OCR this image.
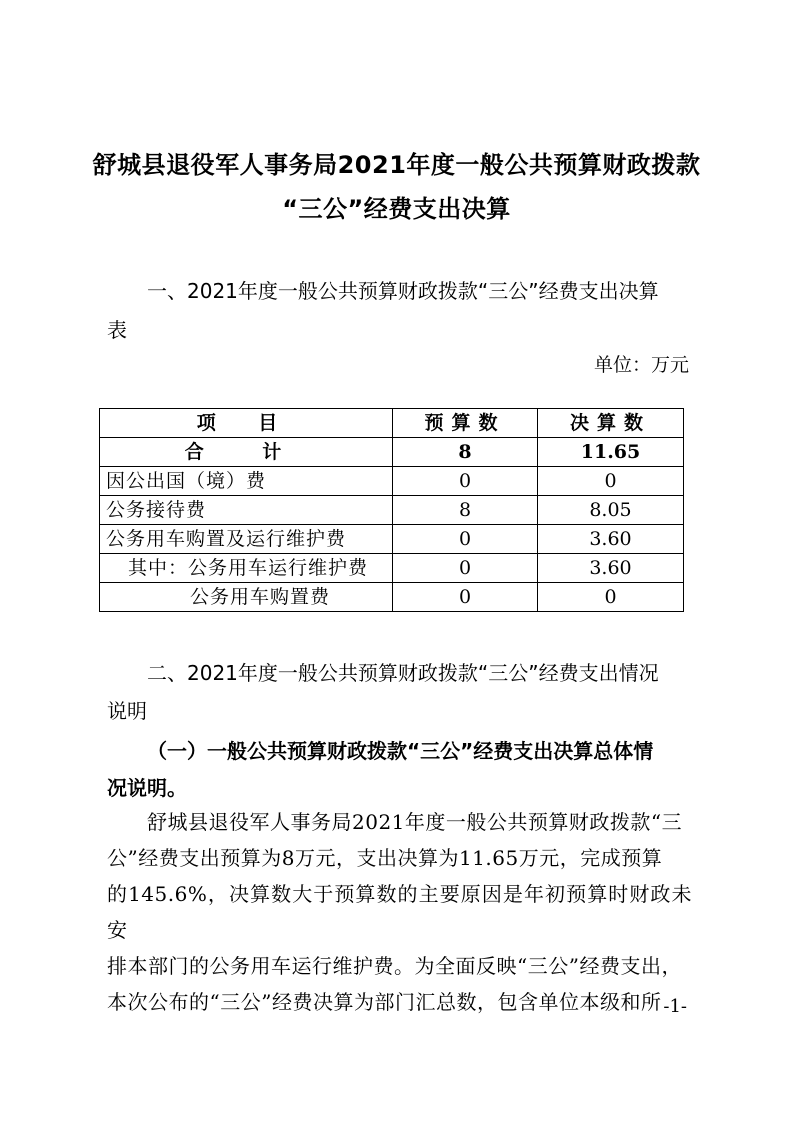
舒城县退役军人事务局2021年度一般公共预算财政拨款
“三公”经费支出决算
一、2021年度一般公共预算财政拨款“三公”经费支出决算
表
单位：万元
项 目	预算数	决算数
合 计	8	11.65
因公出国（境）费	0	0
公务接待费	8	8.05
公务用车购置及运行维护费	0	3.60
其中：公务用车运行维护费	0	3.60
公务用车购置费	0	0
二、2021年度一般公共预算财政拨款“三公”经费支出情况
说明
（一）一般公共预算财政拨款“三公”经费支出决算总体情
况说明。
舒城县退役军人事务局2021年度一般公共预算财政拨款“三
公”经费支出预算为8万元，支出决算为11.65万元，完成预算
的145.6%，决算数大于预算数的主要原因是年初预算时财政未安
排本部门的公务用车运行维护费。为全面反映“三公”经费支出，
本次公布的“三公”经费决算为部门汇总数，包含单位本级和所 -1-
